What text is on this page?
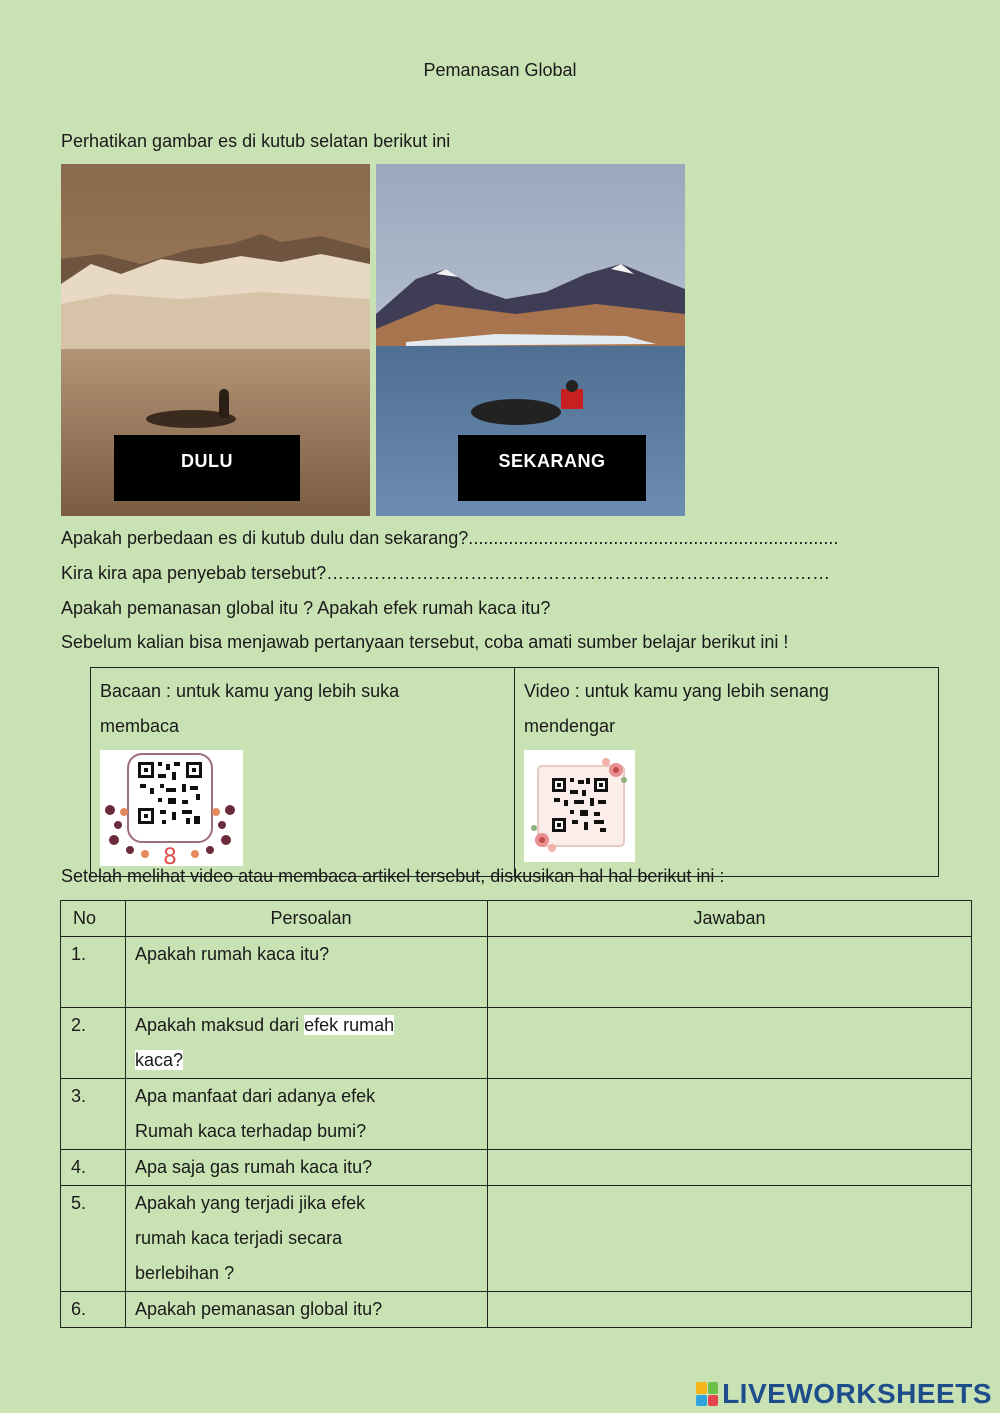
Pemanasan Global
Perhatikan gambar es di kutub selatan berikut ini
DULU	SEKARANG
Apakah perbedaan es di kutub dulu dan sekarang?..........................................................................
Kira kira apa penyebab tersebut?…………………………………………………………………………
Apakah pemanasan global itu ? Apakah efek rumah kaca itu?
Sebelum kalian bisa menjawab pertanyaan tersebut, coba amati sumber belajar berikut ini !
Bacaan : untuk kamu yang lebih suka
membaca
8

Video : untuk kamu yang lebih senang
mendengar
Setelah melihat video atau membaca artikel tersebut, diskusikan hal hal berikut ini :
No	Persoalan	Jawaban
1.	Apakah rumah kaca itu?	

2.	Apakah maksud dari efek rumah
kaca?	

3.	Apa manfaat dari adanya efek
Rumah kaca terhadap bumi?	

4.	Apa saja gas rumah kaca itu?	

5.	Apakah yang terjadi jika efek
rumah kaca terjadi secara
berlebihan ?	

6.	Apakah pemanasan global itu?	

LIVEWORKSHEETS
